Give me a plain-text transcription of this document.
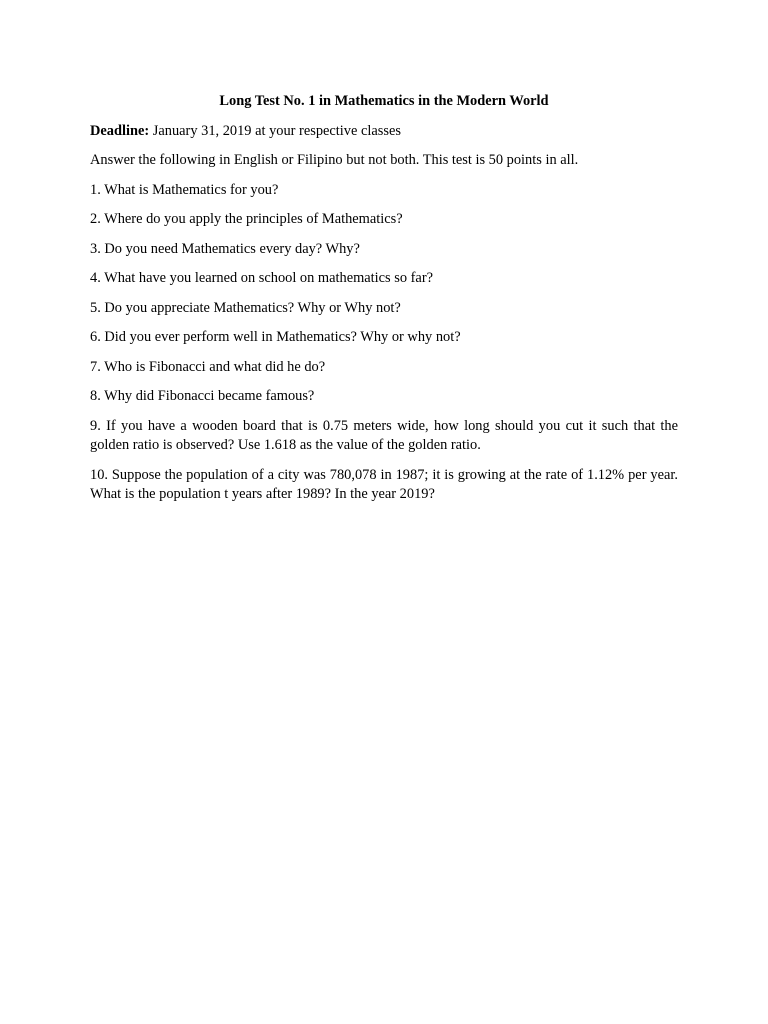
Long Test No. 1 in Mathematics in the Modern World
Deadline: January 31, 2019 at your respective classes
Answer the following in English or Filipino but not both. This test is 50 points in all.
1. What is Mathematics for you?
2. Where do you apply the principles of Mathematics?
3. Do you need Mathematics every day? Why?
4. What have you learned on school on mathematics so far?
5. Do you appreciate Mathematics? Why or Why not?
6. Did you ever perform well in Mathematics? Why or why not?
7. Who is Fibonacci and what did he do?
8. Why did Fibonacci became famous?
9. If you have a wooden board that is 0.75 meters wide, how long should you cut it such that the golden ratio is observed? Use 1.618 as the value of the golden ratio.
10. Suppose the population of a city was 780,078 in 1987; it is growing at the rate of 1.12% per year. What is the population t years after 1989? In the year 2019?
